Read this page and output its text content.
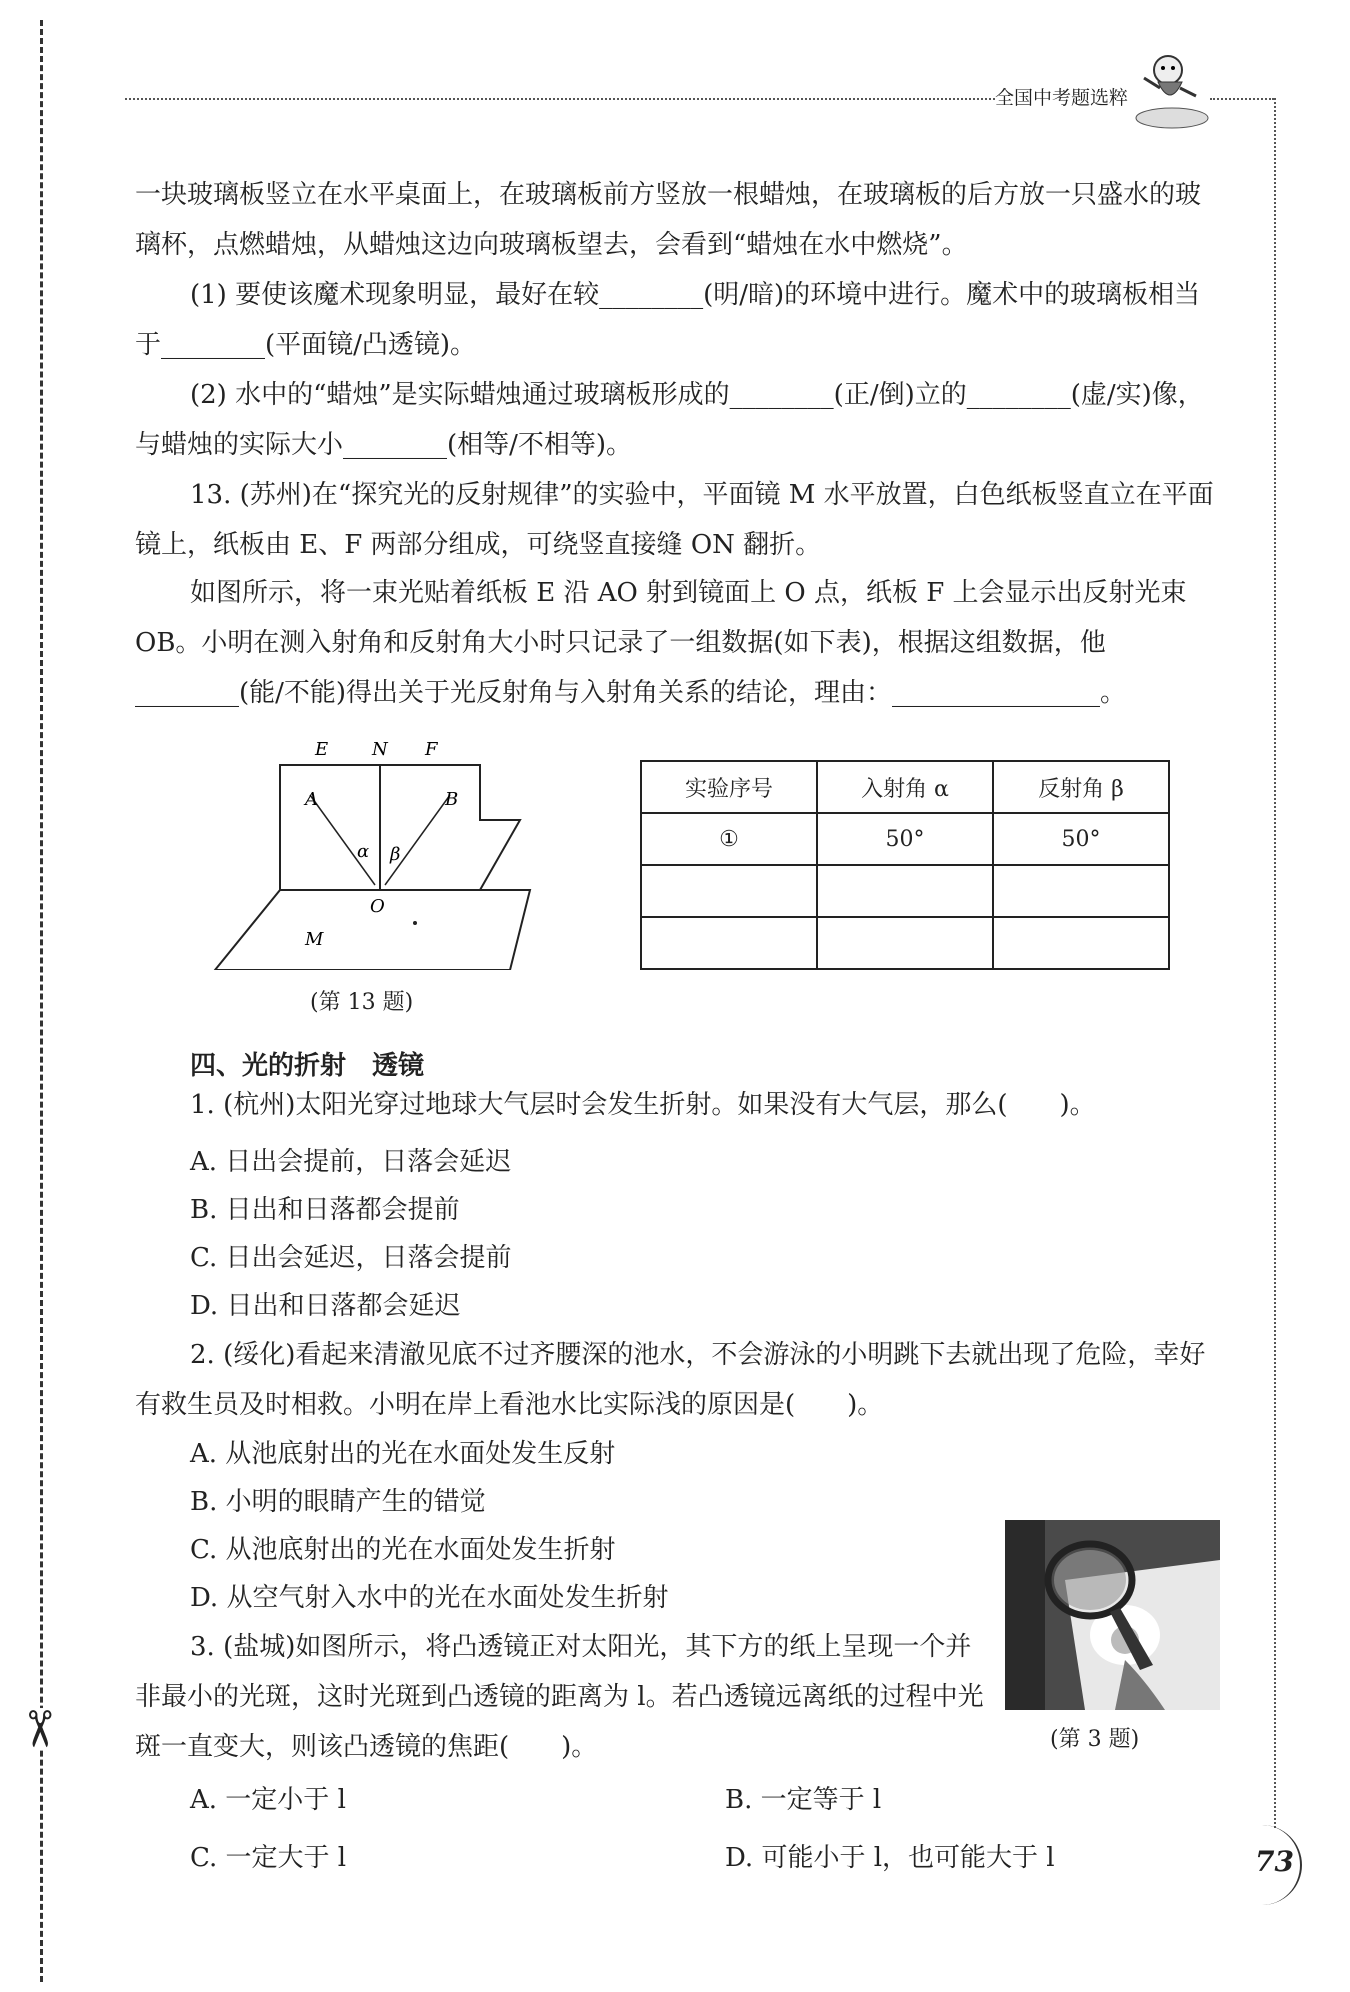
✂
全国中考题选粹
一块玻璃板竖立在水平桌面上，在玻璃板前方竖放一根蜡烛，在玻璃板的后方放一只盛水的玻璃杯，点燃蜡烛，从蜡烛这边向玻璃板望去，会看到“蜡烛在水中燃烧”。
(1) 要使该魔术现象明显，最好在较________(明/暗)的环境中进行。魔术中的玻璃板相当于________(平面镜/凸透镜)。
(2) 水中的“蜡烛”是实际蜡烛通过玻璃板形成的________(正/倒)立的________(虚/实)像，与蜡烛的实际大小________(相等/不相等)。
13. (苏州)在“探究光的反射规律”的实验中，平面镜 M 水平放置，白色纸板竖直立在平面镜上，纸板由 E、F 两部分组成，可绕竖直接缝 ON 翻折。
如图所示，将一束光贴着纸板 E 沿 AO 射到镜面上 O 点，纸板 F 上会显示出反射光束 OB。小明在测入射角和反射角大小时只记录了一组数据(如下表)，根据这组数据，他________(能/不能)得出关于光反射角与入射角关系的结论，理由：________________。
E N F
A	B
α β
O
M
(第 13 题)
实验序号	入射角 α	反射角 β
①	50°	50°

四、光的折射　透镜
1. (杭州)太阳光穿过地球大气层时会发生折射。如果没有大气层，那么(　　)。
A. 日出会提前，日落会延迟
B. 日出和日落都会提前
C. 日出会延迟，日落会提前
D. 日出和日落都会延迟
2. (绥化)看起来清澈见底不过齐腰深的池水，不会游泳的小明跳下去就出现了危险，幸好有救生员及时相救。小明在岸上看池水比实际浅的原因是(　　)。
A. 从池底射出的光在水面处发生反射
B. 小明的眼睛产生的错觉
C. 从池底射出的光在水面处发生折射
D. 从空气射入水中的光在水面处发生折射
3. (盐城)如图所示，将凸透镜正对太阳光，其下方的纸上呈现一个并非最小的光斑，这时光斑到凸透镜的距离为 l。若凸透镜远离纸的过程中光斑一直变大，则该凸透镜的焦距(　　)。
A. 一定小于 l	B. 一定等于 l
C. 一定大于 l	D. 可能小于 l，也可能大于 l
(第 3 题)
73
